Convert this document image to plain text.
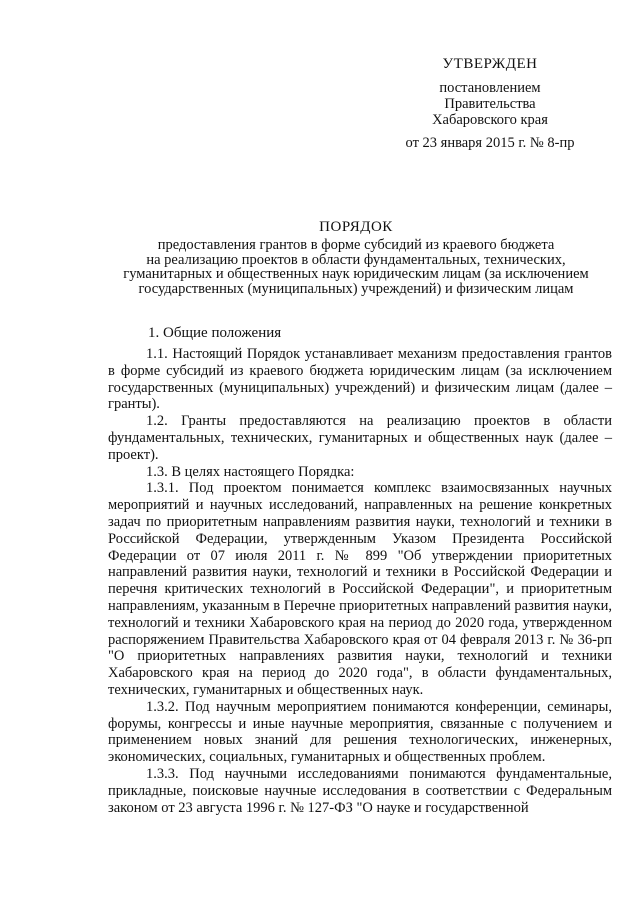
УТВЕРЖДЕН
постановлением
Правительства
Хабаровского края
от 23 января 2015 г. № 8-пр
ПОРЯДОК
предоставления грантов в форме субсидий из краевого бюджета
на реализацию проектов в области фундаментальных, технических,
гуманитарных и общественных наук юридическим лицам (за исключением
государственных (муниципальных) учреждений) и физическим лицам
1. Общие положения

1.1. Настоящий Порядок устанавливает механизм предоставления грантов в форме субсидий из краевого бюджета юридическим лицам (за исключением государственных (муниципальных) учреждений) и физическим лицам (далее – гранты).

1.2. Гранты предоставляются на реализацию проектов в области фундаментальных, технических, гуманитарных и общественных наук (далее – проект).

1.3. В целях настоящего Порядка:

1.3.1. Под проектом понимается комплекс взаимосвязанных научных мероприятий и научных исследований, направленных на решение конкретных задач по приоритетным направлениям развития науки, технологий и техники в Российской Федерации, утвержденным Указом Президента Российской Федерации от 07 июля 2011 г. № 899 "Об утверждении приоритетных направлений развития науки, технологий и техники в Российской Федерации и перечня критических технологий в Российской Федерации", и приоритетным направлениям, указанным в Перечне приоритетных направлений развития науки, технологий и техники Хабаровского края на период до 2020 года, утвержденном распоряжением Правительства Хабаровского края от 04 февраля 2013 г. № 36-рп "О приоритетных направлениях развития науки, технологий и техники Хабаровского края на период до 2020 года", в области фундаментальных, технических, гуманитарных и общественных наук.

1.3.2. Под научным мероприятием понимаются конференции, семинары, форумы, конгрессы и иные научные мероприятия, связанные с получением и применением новых знаний для решения технологических, инженерных, экономических, социальных, гуманитарных и общественных проблем.

1.3.3. Под научными исследованиями понимаются фундаментальные, прикладные, поисковые научные исследования в соответствии с Федеральным законом от 23 августа 1996 г. № 127-ФЗ "О науке и государственной
